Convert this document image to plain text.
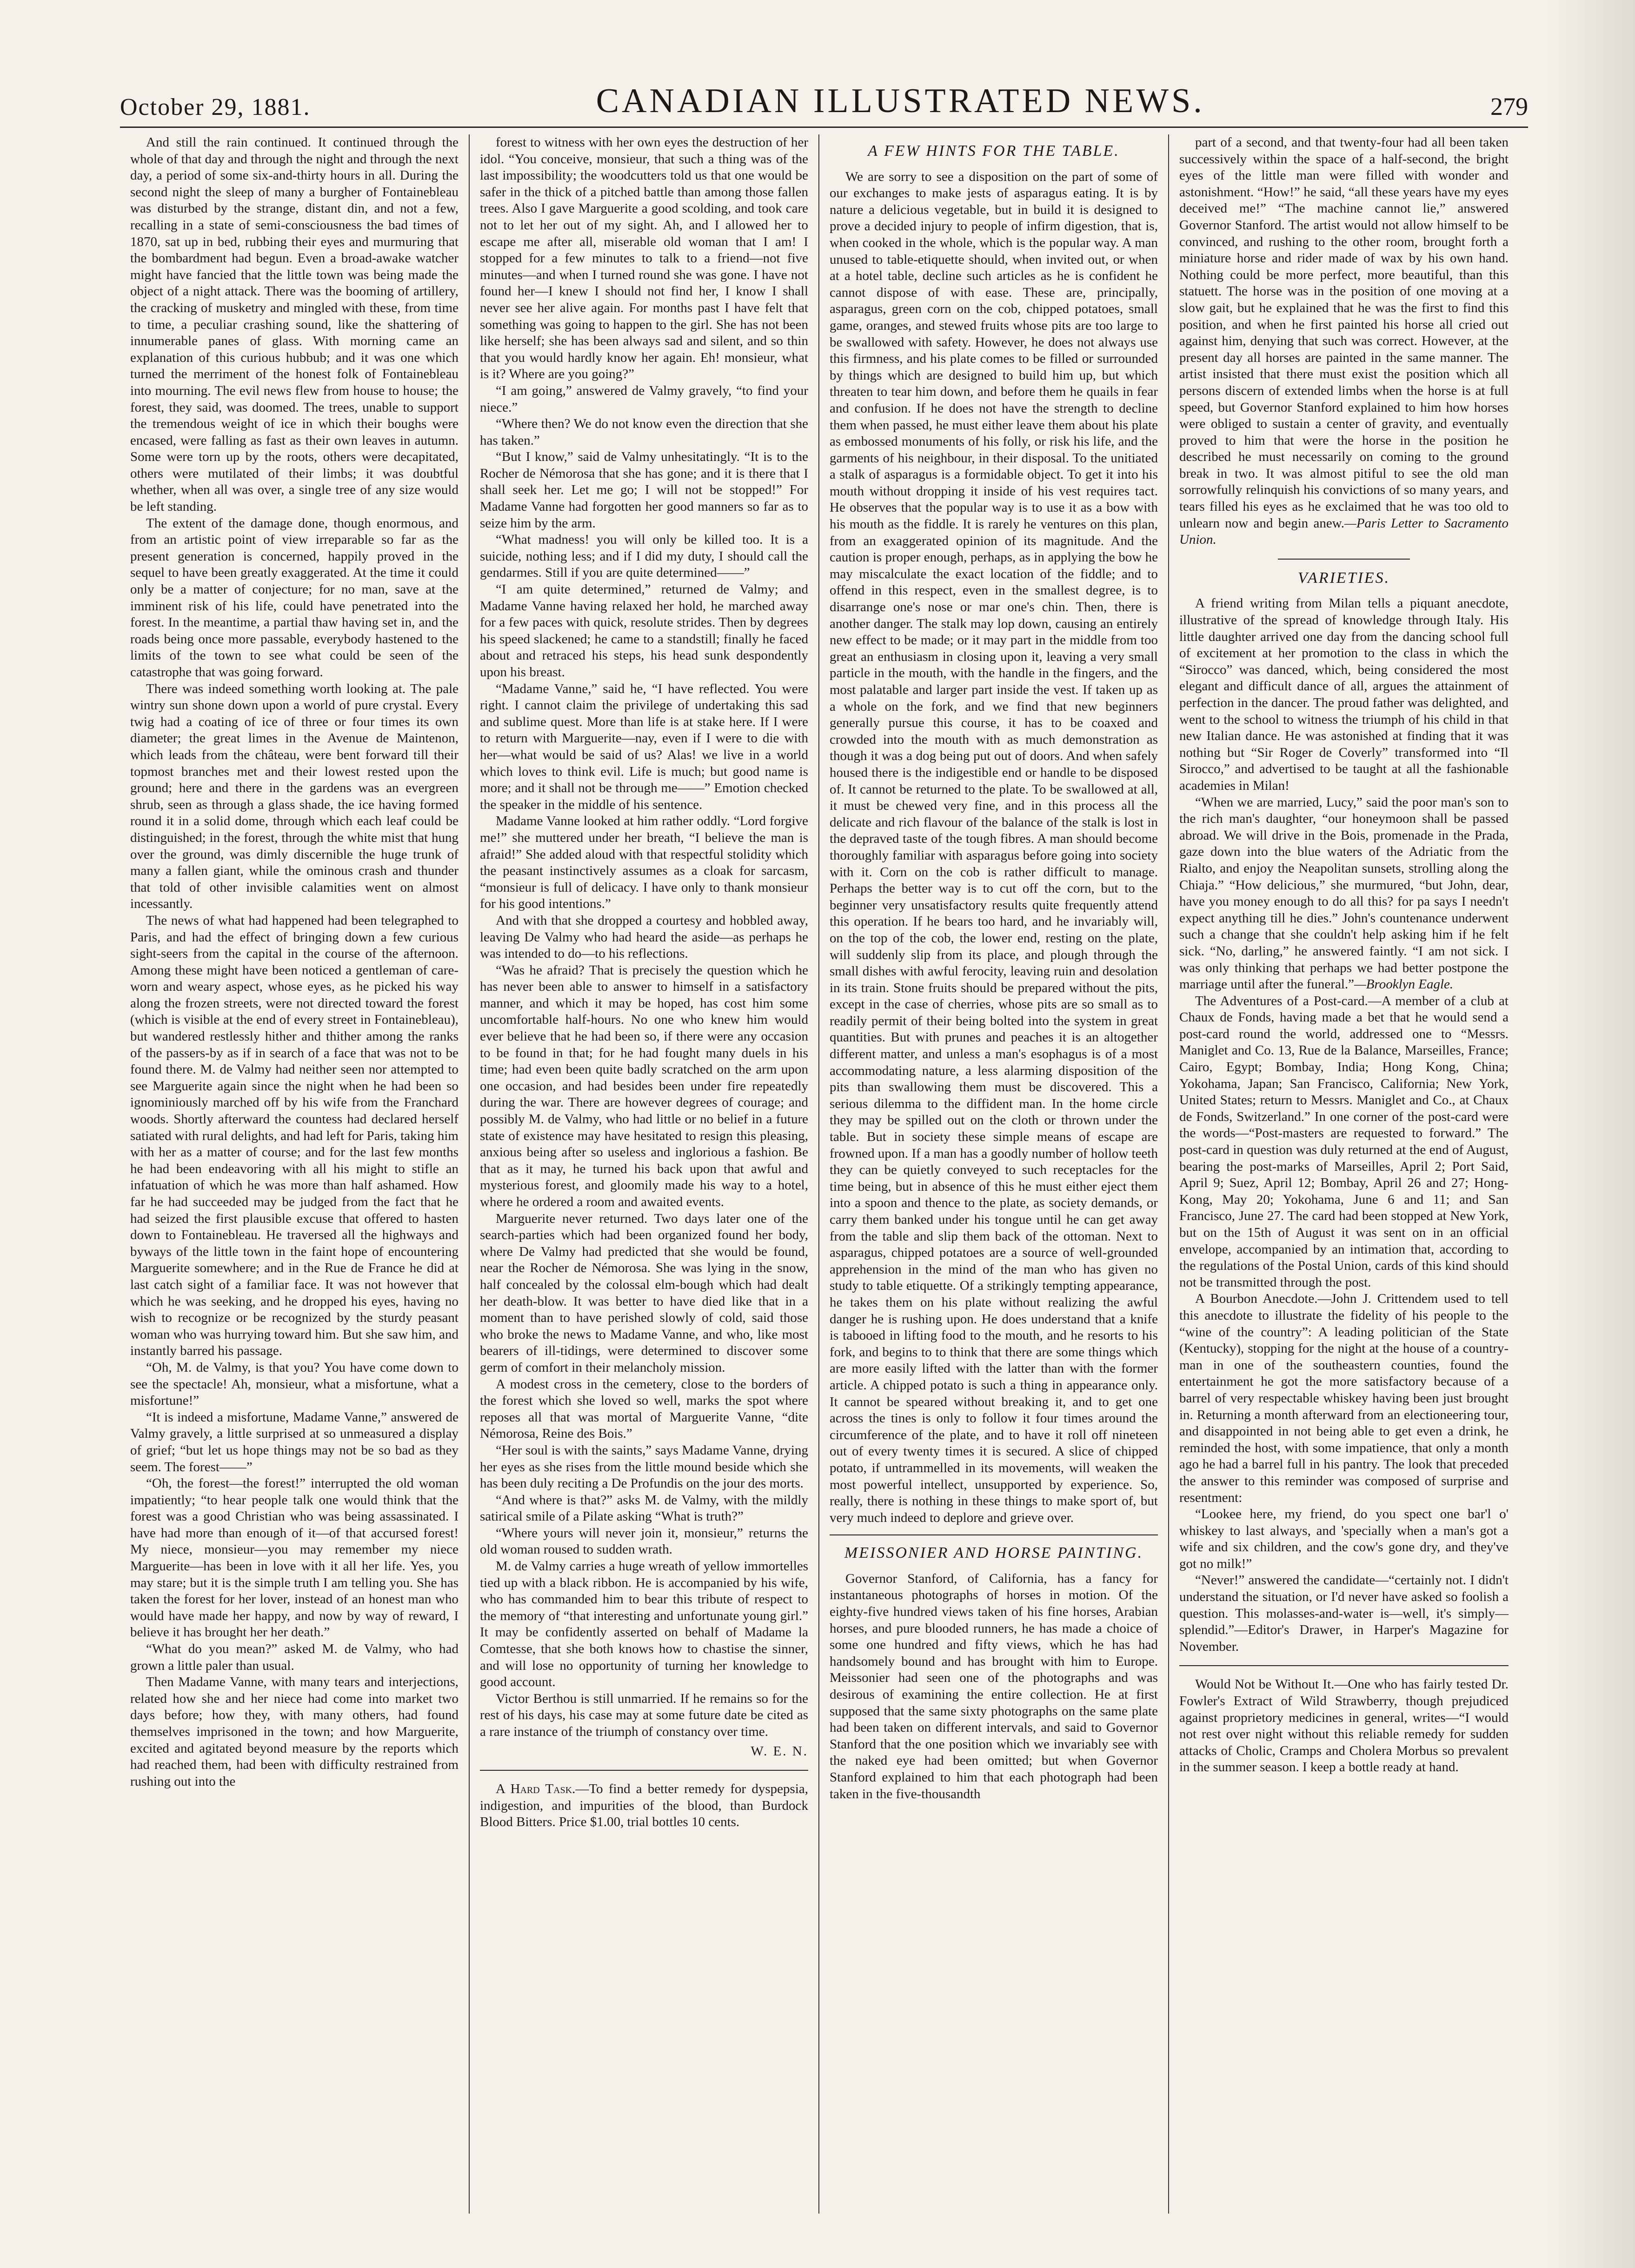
October 29, 1881.	CANADIAN ILLUSTRATED NEWS.	279

And still the rain continued. It continued through the whole of that day and through the night and through the next day, a period of some six-and-thirty hours in all. During the second night the sleep of many a burgher of Fontainebleau was disturbed by the strange, distant din, and not a few, recalling in a state of semi-consciousness the bad times of 1870, sat up in bed, rubbing their eyes and murmuring that the bombardment had begun. Even a broad-awake watcher might have fancied that the little town was being made the object of a night attack. There was the booming of artillery, the cracking of musketry and mingled with these, from time to time, a peculiar crashing sound, like the shattering of innumerable panes of glass. With morning came an explanation of this curious hubbub; and it was one which turned the merriment of the honest folk of Fontainebleau into mourning. The evil news flew from house to house; the forest, they said, was doomed. The trees, unable to support the tremendous weight of ice in which their boughs were encased, were falling as fast as their own leaves in autumn. Some were torn up by the roots, others were decapitated, others were mutilated of their limbs; it was doubtful whether, when all was over, a single tree of any size would be left standing.

The extent of the damage done, though enormous, and from an artistic point of view irreparable so far as the present generation is concerned, happily proved in the sequel to have been greatly exaggerated. At the time it could only be a matter of conjecture; for no man, save at the imminent risk of his life, could have penetrated into the forest. In the meantime, a partial thaw having set in, and the roads being once more passable, everybody hastened to the limits of the town to see what could be seen of the catastrophe that was going forward.

There was indeed something worth looking at. The pale wintry sun shone down upon a world of pure crystal. Every twig had a coating of ice of three or four times its own diameter; the great limes in the Avenue de Maintenon, which leads from the château, were bent forward till their topmost branches met and their lowest rested upon the ground; here and there in the gardens was an evergreen shrub, seen as through a glass shade, the ice having formed round it in a solid dome, through which each leaf could be distinguished; in the forest, through the white mist that hung over the ground, was dimly discernible the huge trunk of many a fallen giant, while the ominous crash and thunder that told of other invisible calamities went on almost incessantly.

The news of what had happened had been telegraphed to Paris, and had the effect of bringing down a few curious sight-seers from the capital in the course of the afternoon. Among these might have been noticed a gentleman of care-worn and weary aspect, whose eyes, as he picked his way along the frozen streets, were not directed toward the forest (which is visible at the end of every street in Fontainebleau), but wandered restlessly hither and thither among the ranks of the passers-by as if in search of a face that was not to be found there. M. de Valmy had neither seen nor attempted to see Marguerite again since the night when he had been so ignominiously marched off by his wife from the Franchard woods. Shortly afterward the countess had declared herself satiated with rural delights, and had left for Paris, taking him with her as a matter of course; and for the last few months he had been endeavoring with all his might to stifle an infatuation of which he was more than half ashamed. How far he had succeeded may be judged from the fact that he had seized the first plausible excuse that offered to hasten down to Fontainebleau. He traversed all the highways and byways of the little town in the faint hope of encountering Marguerite somewhere; and in the Rue de France he did at last catch sight of a familiar face. It was not however that which he was seeking, and he dropped his eyes, having no wish to recognize or be recognized by the sturdy peasant woman who was hurrying toward him. But she saw him, and instantly barred his passage.

“Oh, M. de Valmy, is that you? You have come down to see the spectacle! Ah, monsieur, what a misfortune, what a misfortune!”

“It is indeed a misfortune, Madame Vanne,” answered de Valmy gravely, a little surprised at so unmeasured a display of grief; “but let us hope things may not be so bad as they seem. The forest——”

“Oh, the forest—the forest!” interrupted the old woman impatiently; “to hear people talk one would think that the forest was a good Christian who was being assassinated. I have had more than enough of it—of that accursed forest! My niece, monsieur—you may remember my niece Marguerite—has been in love with it all her life. Yes, you may stare; but it is the simple truth I am telling you. She has taken the forest for her lover, instead of an honest man who would have made her happy, and now by way of reward, I believe it has brought her her death.”

“What do you mean?” asked M. de Valmy, who had grown a little paler than usual.

Then Madame Vanne, with many tears and interjections, related how she and her niece had come into market two days before; how they, with many others, had found themselves imprisoned in the town; and how Marguerite, excited and agitated beyond measure by the reports which had reached them, had been with difficulty restrained from rushing out into the

forest to witness with her own eyes the destruction of her idol. “You conceive, monsieur, that such a thing was of the last impossibility; the woodcutters told us that one would be safer in the thick of a pitched battle than among those fallen trees. Also I gave Marguerite a good scolding, and took care not to let her out of my sight. Ah, and I allowed her to escape me after all, miserable old woman that I am! I stopped for a few minutes to talk to a friend—not five minutes—and when I turned round she was gone. I have not found her—I knew I should not find her, I know I shall never see her alive again. For months past I have felt that something was going to happen to the girl. She has not been like herself; she has been always sad and silent, and so thin that you would hardly know her again. Eh! monsieur, what is it? Where are you going?”

“I am going,” answered de Valmy gravely, “to find your niece.”

“Where then? We do not know even the direction that she has taken.”

“But I know,” said de Valmy unhesitatingly. “It is to the Rocher de Némorosa that she has gone; and it is there that I shall seek her. Let me go; I will not be stopped!” For Madame Vanne had forgotten her good manners so far as to seize him by the arm.

“What madness! you will only be killed too. It is a suicide, nothing less; and if I did my duty, I should call the gendarmes. Still if you are quite determined——”

“I am quite determined,” returned de Valmy; and Madame Vanne having relaxed her hold, he marched away for a few paces with quick, resolute strides. Then by degrees his speed slackened; he came to a standstill; finally he faced about and retraced his steps, his head sunk despondently upon his breast.

“Madame Vanne,” said he, “I have reflected. You were right. I cannot claim the privilege of undertaking this sad and sublime quest. More than life is at stake here. If I were to return with Marguerite—nay, even if I were to die with her—what would be said of us? Alas! we live in a world which loves to think evil. Life is much; but good name is more; and it shall not be through me——” Emotion checked the speaker in the middle of his sentence.

Madame Vanne looked at him rather oddly. “Lord forgive me!” she muttered under her breath, “I believe the man is afraid!” She added aloud with that respectful stolidity which the peasant instinctively assumes as a cloak for sarcasm, “monsieur is full of delicacy. I have only to thank monsieur for his good intentions.”

And with that she dropped a courtesy and hobbled away, leaving De Valmy who had heard the aside—as perhaps he was intended to do—to his reflections.

“Was he afraid? That is precisely the question which he has never been able to answer to himself in a satisfactory manner, and which it may be hoped, has cost him some uncomfortable half-hours. No one who knew him would ever believe that he had been so, if there were any occasion to be found in that; for he had fought many duels in his time; had even been quite badly scratched on the arm upon one occasion, and had besides been under fire repeatedly during the war. There are however degrees of courage; and possibly M. de Valmy, who had little or no belief in a future state of existence may have hesitated to resign this pleasing, anxious being after so useless and inglorious a fashion. Be that as it may, he turned his back upon that awful and mysterious forest, and gloomily made his way to a hotel, where he ordered a room and awaited events.

Marguerite never returned. Two days later one of the search-parties which had been organized found her body, where De Valmy had predicted that she would be found, near the Rocher de Némorosa. She was lying in the snow, half concealed by the colossal elm-bough which had dealt her death-blow. It was better to have died like that in a moment than to have perished slowly of cold, said those who broke the news to Madame Vanne, and who, like most bearers of ill-tidings, were determined to discover some germ of comfort in their melancholy mission.

A modest cross in the cemetery, close to the borders of the forest which she loved so well, marks the spot where reposes all that was mortal of Marguerite Vanne, “dite Némorosa, Reine des Bois.”

“Her soul is with the saints,” says Madame Vanne, drying her eyes as she rises from the little mound beside which she has been duly reciting a De Profundis on the jour des morts.

“And where is that?” asks M. de Valmy, with the mildly satirical smile of a Pilate asking “What is truth?”

“Where yours will never join it, monsieur,” returns the old woman roused to sudden wrath.

M. de Valmy carries a huge wreath of yellow immortelles tied up with a black ribbon. He is accompanied by his wife, who has commanded him to bear this tribute of respect to the memory of “that interesting and unfortunate young girl.” It may be confidently asserted on behalf of Madame la Comtesse, that she both knows how to chastise the sinner, and will lose no opportunity of turning her knowledge to good account.

Victor Berthou is still unmarried. If he remains so for the rest of his days, his case may at some future date be cited as a rare instance of the triumph of constancy over time.

W. E. N.

A Hard Task.—To find a better remedy for dyspepsia, indigestion, and impurities of the blood, than Burdock Blood Bitters. Price $1.00, trial bottles 10 cents.

A FEW HINTS FOR THE TABLE.

We are sorry to see a disposition on the part of some of our exchanges to make jests of asparagus eating. It is by nature a delicious vegetable, but in build it is designed to prove a decided injury to people of infirm digestion, that is, when cooked in the whole, which is the popular way. A man unused to table-etiquette should, when invited out, or when at a hotel table, decline such articles as he is confident he cannot dispose of with ease. These are, principally, asparagus, green corn on the cob, chipped potatoes, small game, oranges, and stewed fruits whose pits are too large to be swallowed with safety. However, he does not always use this firmness, and his plate comes to be filled or surrounded by things which are designed to build him up, but which threaten to tear him down, and before them he quails in fear and confusion. If he does not have the strength to decline them when passed, he must either leave them about his plate as embossed monuments of his folly, or risk his life, and the garments of his neighbour, in their disposal. To the unitiated a stalk of asparagus is a formidable object. To get it into his mouth without dropping it inside of his vest requires tact. He observes that the popular way is to use it as a bow with his mouth as the fiddle. It is rarely he ventures on this plan, from an exaggerated opinion of its magnitude. And the caution is proper enough, perhaps, as in applying the bow he may miscalculate the exact location of the fiddle; and to offend in this respect, even in the smallest degree, is to disarrange one's nose or mar one's chin. Then, there is another danger. The stalk may lop down, causing an entirely new effect to be made; or it may part in the middle from too great an enthusiasm in closing upon it, leaving a very small particle in the mouth, with the handle in the fingers, and the most palatable and larger part inside the vest. If taken up as a whole on the fork, and we find that new beginners generally pursue this course, it has to be coaxed and crowded into the mouth with as much demonstration as though it was a dog being put out of doors. And when safely housed there is the indigestible end or handle to be disposed of. It cannot be returned to the plate. To be swallowed at all, it must be chewed very fine, and in this process all the delicate and rich flavour of the balance of the stalk is lost in the depraved taste of the tough fibres. A man should become thoroughly familiar with asparagus before going into society with it. Corn on the cob is rather difficult to manage. Perhaps the better way is to cut off the corn, but to the beginner very unsatisfactory results quite frequently attend this operation. If he bears too hard, and he invariably will, on the top of the cob, the lower end, resting on the plate, will suddenly slip from its place, and plough through the small dishes with awful ferocity, leaving ruin and desolation in its train. Stone fruits should be prepared without the pits, except in the case of cherries, whose pits are so small as to readily permit of their being bolted into the system in great quantities. But with prunes and peaches it is an altogether different matter, and unless a man's esophagus is of a most accommodating nature, a less alarming disposition of the pits than swallowing them must be discovered. This a serious dilemma to the diffident man. In the home circle they may be spilled out on the cloth or thrown under the table. But in society these simple means of escape are frowned upon. If a man has a goodly number of hollow teeth they can be quietly conveyed to such receptacles for the time being, but in absence of this he must either eject them into a spoon and thence to the plate, as society demands, or carry them banked under his tongue until he can get away from the table and slip them back of the ottoman. Next to asparagus, chipped potatoes are a source of well-grounded apprehension in the mind of the man who has given no study to table etiquette. Of a strikingly tempting appearance, he takes them on his plate without realizing the awful danger he is rushing upon. He does understand that a knife is tabooed in lifting food to the mouth, and he resorts to his fork, and begins to to think that there are some things which are more easily lifted with the latter than with the former article. A chipped potato is such a thing in appearance only. It cannot be speared without breaking it, and to get one across the tines is only to follow it four times around the circumference of the plate, and to have it roll off nineteen out of every twenty times it is secured. A slice of chipped potato, if untrammelled in its movements, will weaken the most powerful intellect, unsupported by experience. So, really, there is nothing in these things to make sport of, but very much indeed to deplore and grieve over.

MEISSONIER AND HORSE PAINTING.

Governor Stanford, of California, has a fancy for instantaneous photographs of horses in motion. Of the eighty-five hundred views taken of his fine horses, Arabian horses, and pure blooded runners, he has made a choice of some one hundred and fifty views, which he has had handsomely bound and has brought with him to Europe. Meissonier had seen one of the photographs and was desirous of examining the entire collection. He at first supposed that the same sixty photographs on the same plate had been taken on different intervals, and said to Governor Stanford that the one position which we invariably see with the naked eye had been omitted; but when Governor Stanford explained to him that each photograph had been taken in the five-thousandth

part of a second, and that twenty-four had all been taken successively within the space of a half-second, the bright eyes of the little man were filled with wonder and astonishment. “How!” he said, “all these years have my eyes deceived me!” “The machine cannot lie,” answered Governor Stanford. The artist would not allow himself to be convinced, and rushing to the other room, brought forth a miniature horse and rider made of wax by his own hand. Nothing could be more perfect, more beautiful, than this statuett. The horse was in the position of one moving at a slow gait, but he explained that he was the first to find this position, and when he first painted his horse all cried out against him, denying that such was correct. However, at the present day all horses are painted in the same manner. The artist insisted that there must exist the position which all persons discern of extended limbs when the horse is at full speed, but Governor Stanford explained to him how horses were obliged to sustain a center of gravity, and eventually proved to him that were the horse in the position he described he must necessarily on coming to the ground break in two. It was almost pitiful to see the old man sorrowfully relinquish his convictions of so many years, and tears filled his eyes as he exclaimed that he was too old to unlearn now and begin anew.—Paris Letter to Sacramento Union.

VARIETIES.

A friend writing from Milan tells a piquant anecdote, illustrative of the spread of knowledge through Italy. His little daughter arrived one day from the dancing school full of excitement at her promotion to the class in which the “Sirocco” was danced, which, being considered the most elegant and difficult dance of all, argues the attainment of perfection in the dancer. The proud father was delighted, and went to the school to witness the triumph of his child in that new Italian dance. He was astonished at finding that it was nothing but “Sir Roger de Coverly” transformed into “Il Sirocco,” and advertised to be taught at all the fashionable academies in Milan!

“When we are married, Lucy,” said the poor man's son to the rich man's daughter, “our honeymoon shall be passed abroad. We will drive in the Bois, promenade in the Prada, gaze down into the blue waters of the Adriatic from the Rialto, and enjoy the Neapolitan sunsets, strolling along the Chiaja.” “How delicious,” she murmured, “but John, dear, have you money enough to do all this? for pa says I needn't expect anything till he dies.” John's countenance underwent such a change that she couldn't help asking him if he felt sick. “No, darling,” he answered faintly. “I am not sick. I was only thinking that perhaps we had better postpone the marriage until after the funeral.”—Brooklyn Eagle.

The Adventures of a Post-card.—A member of a club at Chaux de Fonds, having made a bet that he would send a post-card round the world, addressed one to “Messrs. Maniglet and Co. 13, Rue de la Balance, Marseilles, France; Cairo, Egypt; Bombay, India; Hong Kong, China; Yokohama, Japan; San Francisco, California; New York, United States; return to Messrs. Maniglet and Co., at Chaux de Fonds, Switzerland.” In one corner of the post-card were the words—“Post-masters are requested to forward.” The post-card in question was duly returned at the end of August, bearing the post-marks of Marseilles, April 2; Port Said, April 9; Suez, April 12; Bombay, April 26 and 27; Hong-Kong, May 20; Yokohama, June 6 and 11; and San Francisco, June 27. The card had been stopped at New York, but on the 15th of August it was sent on in an official envelope, accompanied by an intimation that, according to the regulations of the Postal Union, cards of this kind should not be transmitted through the post.

A Bourbon Anecdote.—John J. Crittendem used to tell this anecdote to illustrate the fidelity of his people to the “wine of the country”: A leading politician of the State (Kentucky), stopping for the night at the house of a country-man in one of the southeastern counties, found the entertainment he got the more satisfactory because of a barrel of very respectable whiskey having been just brought in. Returning a month afterward from an electioneering tour, and disappointed in not being able to get even a drink, he reminded the host, with some impatience, that only a month ago he had a barrel full in his pantry. The look that preceded the answer to this reminder was composed of surprise and resentment:

“Lookee here, my friend, do you spect one bar'l o' whiskey to last always, and 'specially when a man's got a wife and six children, and the cow's gone dry, and they've got no milk!”

“Never!” answered the candidate—“certainly not. I didn't understand the situation, or I'd never have asked so foolish a question. This molasses-and-water is—well, it's simply—splendid.”—Editor's Drawer, in Harper's Magazine for November.

Would Not be Without It.—One who has fairly tested Dr. Fowler's Extract of Wild Strawberry, though prejudiced against proprietory medicines in general, writes—“I would not rest over night without this reliable remedy for sudden attacks of Cholic, Cramps and Cholera Morbus so prevalent in the summer season. I keep a bottle ready at hand.
